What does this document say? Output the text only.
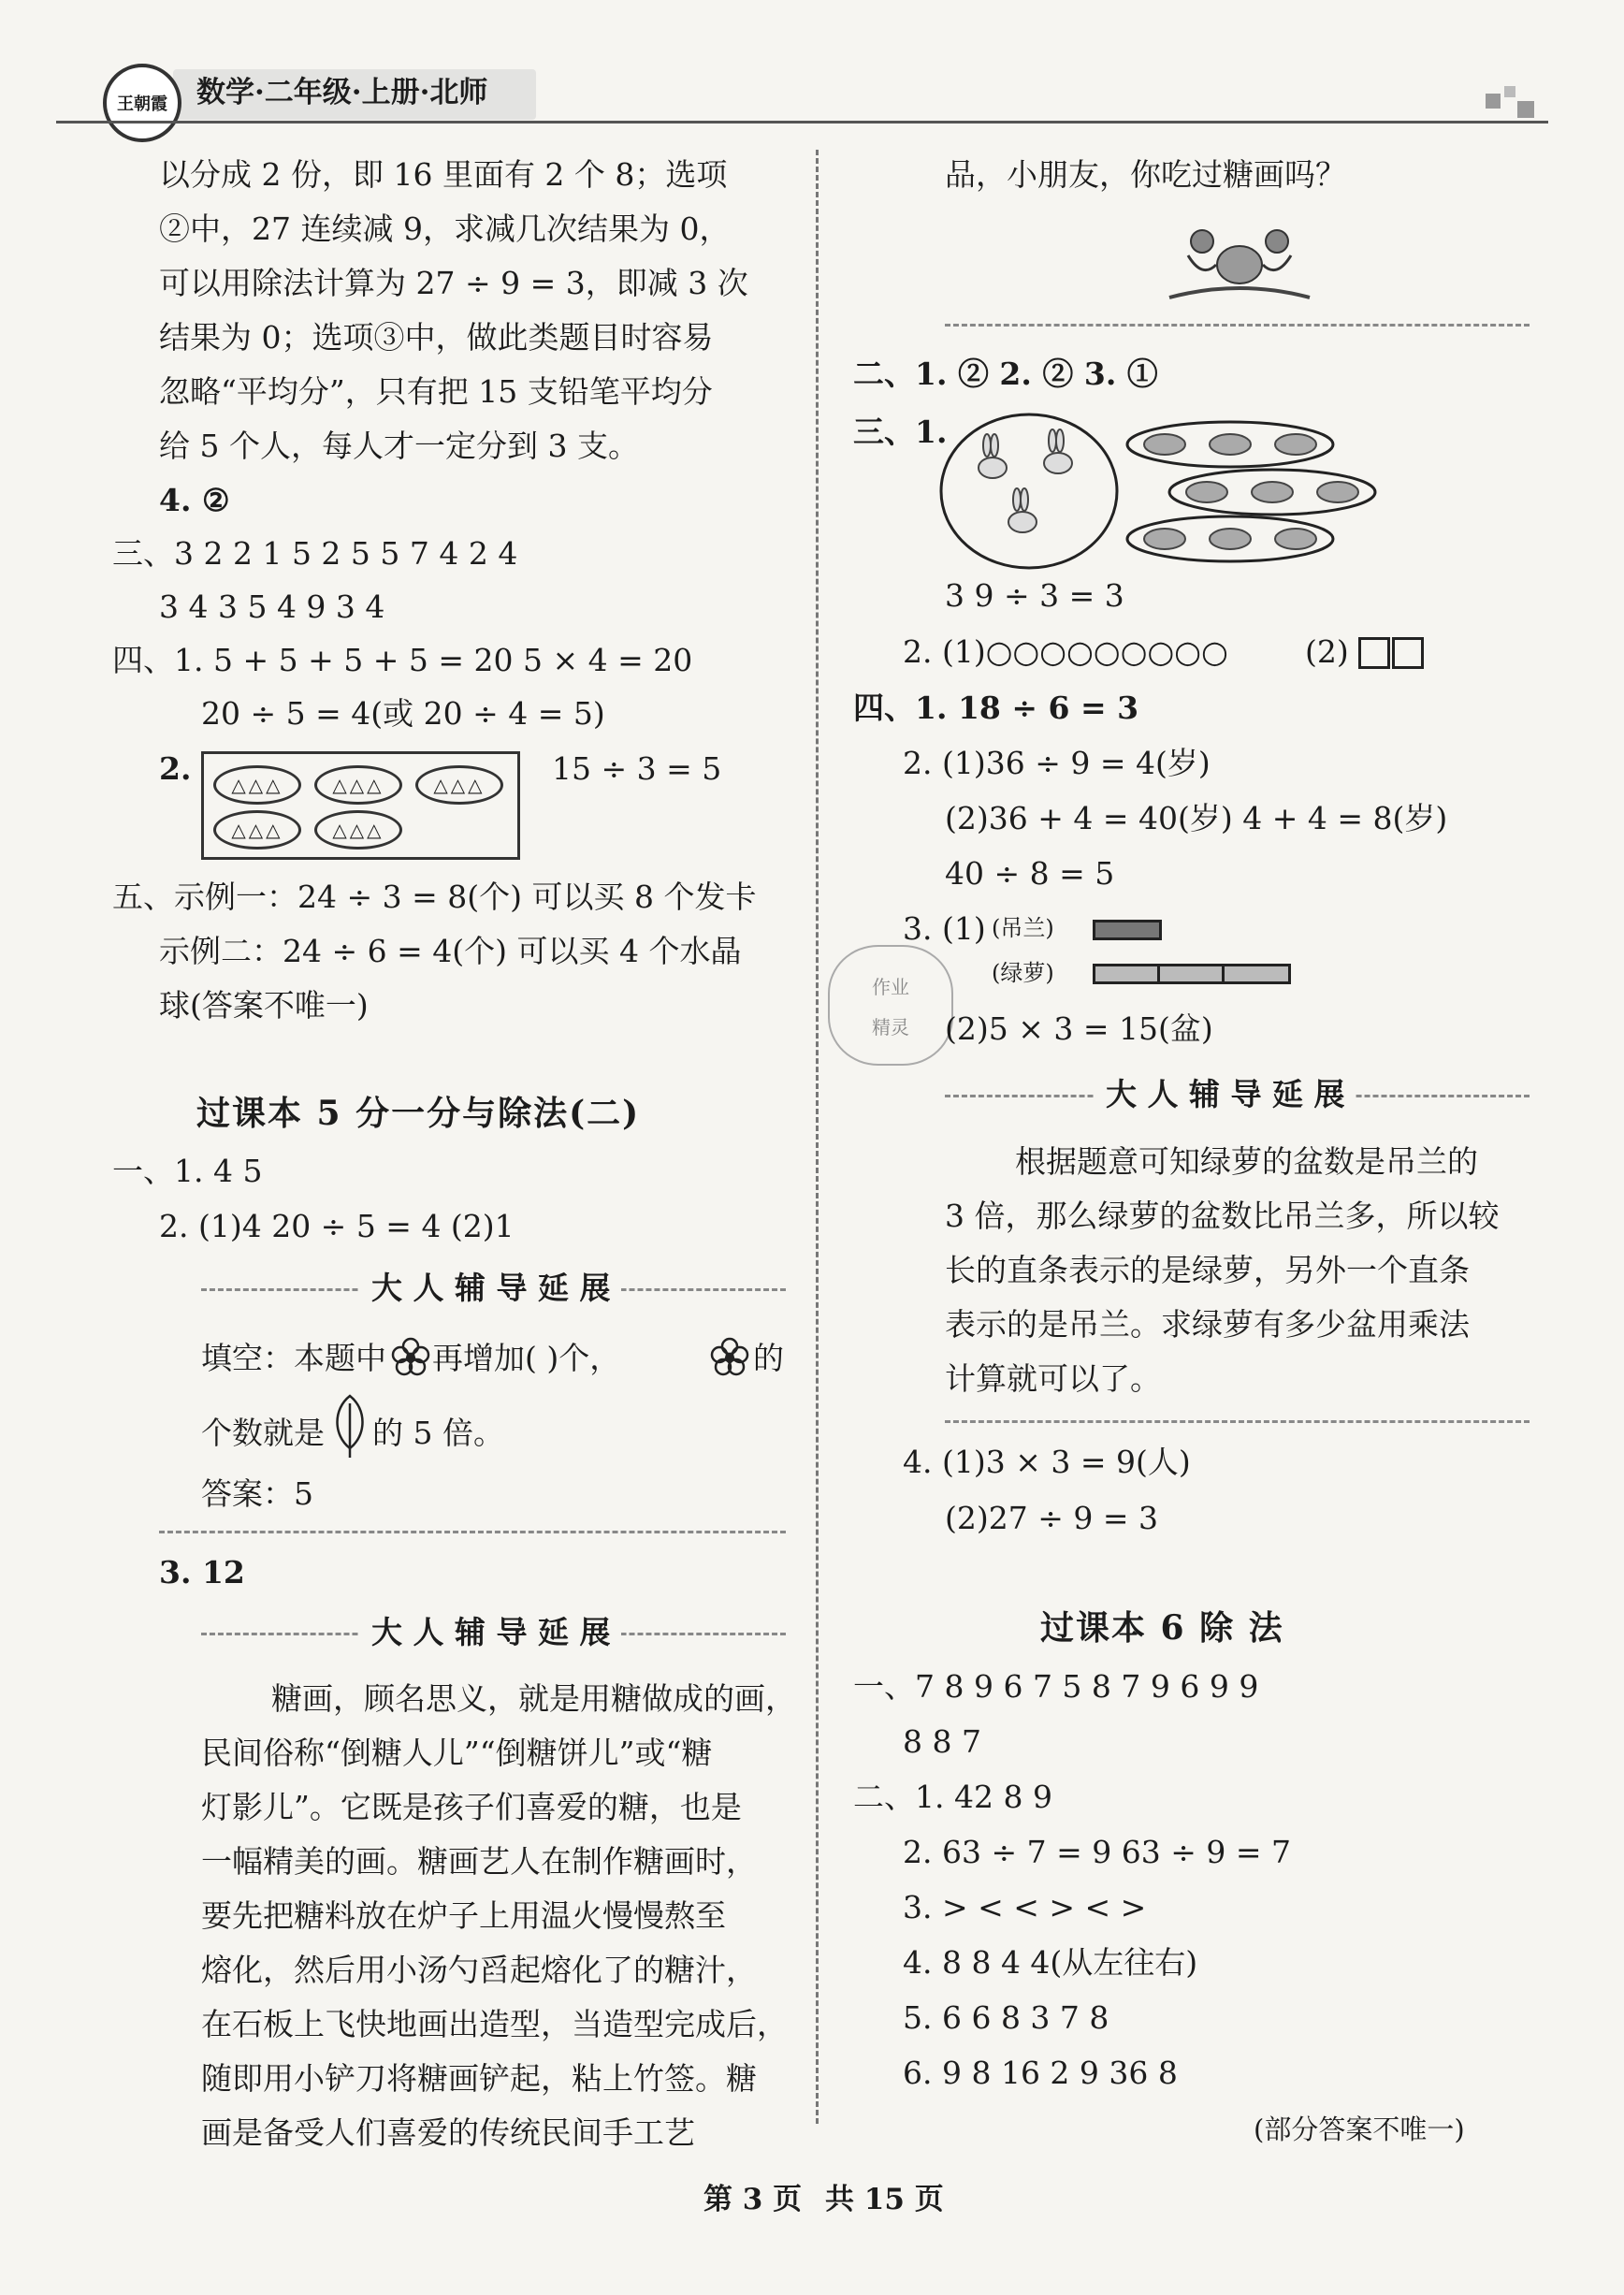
王朝霞 数学·二年级·上册·北师
以分成 2 份，即 16 里面有 2 个 8；选项
②中，27 连续减 9，求减几次结果为 0，
可以用除法计算为 27 ÷ 9 = 3，即减 3 次
结果为 0；选项③中，做此类题目时容易
忽略“平均分”，只有把 15 支铅笔平均分
给 5 个人，每人才一定分到 3 支。
4. ②
三、3 2 2 1 5 2 5 5 7 4 2 4
3 4 3 5 4 9 3 4
四、1. 5 + 5 + 5 + 5 = 20 5 × 4 = 20
20 ÷ 5 = 4(或 20 ÷ 4 = 5)
2.	△△△	△△△	△△△
△△△	△△△
15 ÷ 3 = 5
五、示例一：24 ÷ 3 = 8(个) 可以买 8 个发卡
示例二：24 ÷ 6 = 4(个) 可以买 4 个水晶
球(答案不唯一)
过课本 5 分一分与除法(二)
一、1. 4 5
2. (1)4 20 ÷ 5 = 4 (2)1
大 人 辅 导 延 展
填空：本题中 再增加( )个，	的
个数就是 的 5 倍。
答案：5
3. 12
大 人 辅 导 延 展
糖画，顾名思义，就是用糖做成的画，
民间俗称“倒糖人儿”“倒糖饼儿”或“糖
灯影儿”。它既是孩子们喜爱的糖，也是
一幅精美的画。糖画艺人在制作糖画时，
要先把糖料放在炉子上用温火慢慢熬至
熔化，然后用小汤勺舀起熔化了的糖汁，
在石板上飞快地画出造型，当造型完成后，
随即用小铲刀将糖画铲起，粘上竹签。糖
画是备受人们喜爱的传统民间手工艺
品，小朋友，你吃过糖画吗？
二、1. ② 2. ② 3. ①
三、1.
3 9 ÷ 3 = 3
2. (1)○○○○○○○○○ (2)
四、1. 18 ÷ 6 = 3
2. (1)36 ÷ 9 = 4(岁)
(2)36 + 4 = 40(岁) 4 + 4 = 8(岁)
40 ÷ 8 = 5
3. (1) (吊兰)
(绿萝)
作业
精灵 (2)5 × 3 = 15(盆)
大 人 辅 导 延 展
根据题意可知绿萝的盆数是吊兰的
3 倍，那么绿萝的盆数比吊兰多，所以较
长的直条表示的是绿萝，另外一个直条
表示的是吊兰。求绿萝有多少盆用乘法
计算就可以了。
4. (1)3 × 3 = 9(人)
(2)27 ÷ 9 = 3
过课本 6 除 法
一、7 8 9 6 7 5 8 7 9 6 9 9
8 8 7
二、1. 42 8 9
2. 63 ÷ 7 = 9 63 ÷ 9 = 7
3. > < < > < >
4. 8 8 4 4(从左往右)
5. 6 6 8 3 7 8
6. 9 8 16 2 9 36 8
(部分答案不唯一)
第 3 页 共 15 页
